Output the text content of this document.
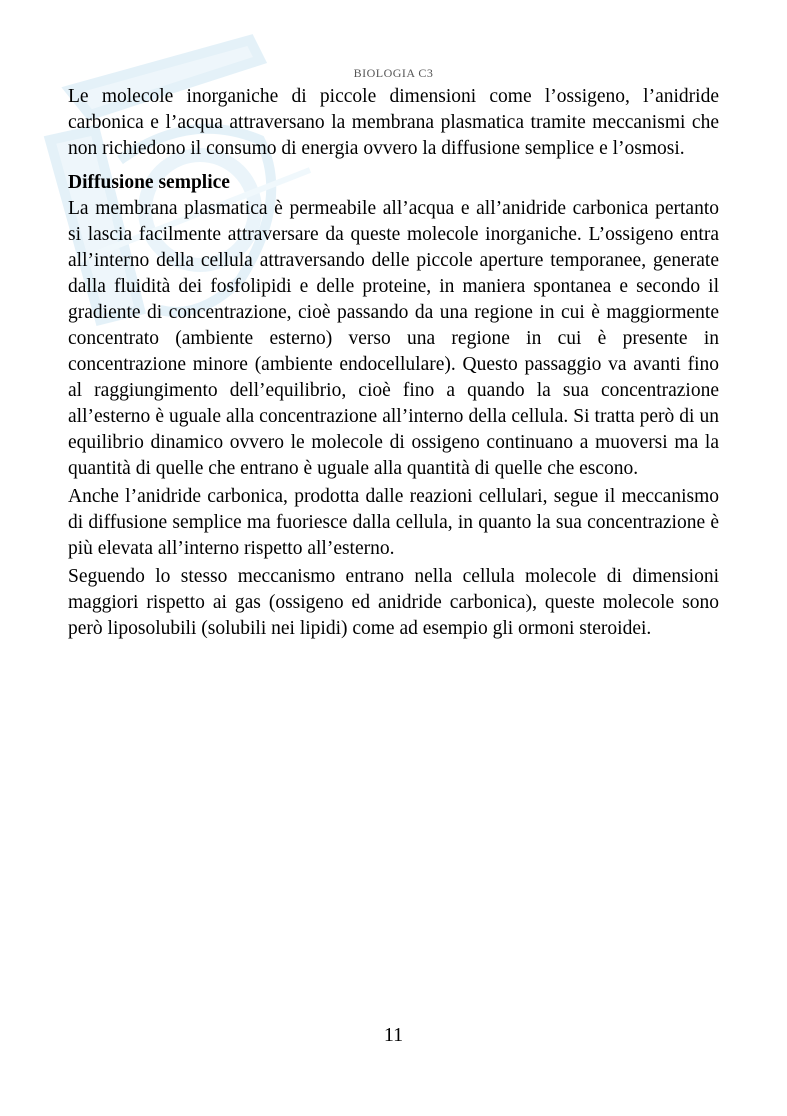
BIOLOGIA C3

Le molecole inorganiche di piccole dimensioni come l’ossigeno, l’anidride carbonica e l’acqua attraversano la membrana plasmatica tramite meccanismi che non richiedono il consumo di energia ovvero la diffusione semplice e l’osmosi.

Diffusione semplice

La membrana plasmatica è permeabile all’acqua e all’anidride carbonica pertanto si lascia facilmente attraversare da queste molecole inorganiche. L’ossigeno entra all’interno della cellula attraversando delle piccole aperture temporanee, generate dalla fluidità dei fosfolipidi e delle proteine, in maniera spontanea e secondo il gradiente di concentrazione, cioè passando da una regione in cui è maggiormente concentrato (ambiente esterno) verso una regione in cui è presente in concentrazione minore (ambiente endocellulare). Questo passaggio va avanti fino al raggiungimento dell’equilibrio, cioè fino a quando la sua concentrazione all’esterno è uguale alla concentrazione all’interno della cellula. Si tratta però di un equilibrio dinamico ovvero le molecole di ossigeno continuano a muoversi ma la quantità di quelle che entrano è uguale alla quantità di quelle che escono.

Anche l’anidride carbonica, prodotta dalle reazioni cellulari, segue il meccanismo di diffusione semplice ma fuoriesce dalla cellula, in quanto la sua concentrazione è più elevata all’interno rispetto all’esterno.

Seguendo lo stesso meccanismo entrano nella cellula molecole di dimensioni maggiori rispetto ai gas (ossigeno ed anidride carbonica), queste molecole sono però liposolubili (solubili nei lipidi) come ad esempio gli ormoni steroidei.

11
